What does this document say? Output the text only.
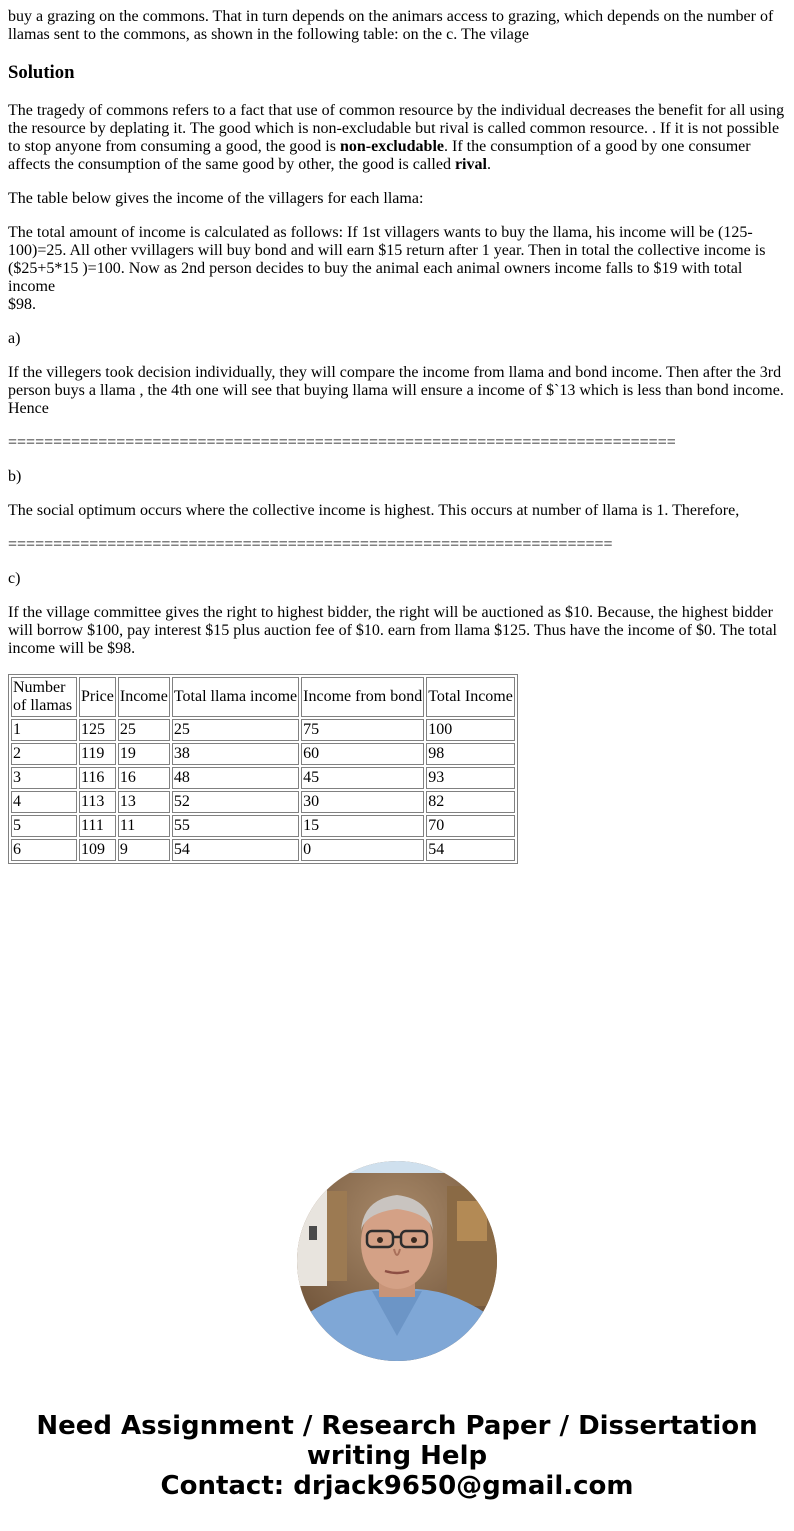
buy a grazing on the commons. That in turn depends on the animars access to grazing, which depends on the number of llamas sent to the commons, as shown in the following table: on the c. The vilage

Solution

The tragedy of commons refers to a fact that use of common resource by the individual decreases the benefit for all using the resource by deplating it. The good which is non-excludable but rival is called common resource. . If it is not possible to stop anyone from consuming a good, the good is non-excludable. If the consumption of a good by one consumer affects the consumption of the same good by other, the good is called rival.

The table below gives the income of the villagers for each llama:

The total amount of income is calculated as follows: If 1st villagers wants to buy the llama, his income will be (125-100)=25. All other vvillagers will buy bond and will earn $15 return after 1 year. Then in total the collective income is ($25+5*15 )=100. Now as 2nd person decides to buy the animal each animal owners income falls to $19 with total income
$98.

a)

If the villegers took decision individually, they will compare the income from llama and bond income. Then after the 3rd person buys a llama , the 4th one will see that buying llama will ensure a income of $`13 which is less than bond income. Hence

==========================================================================

b)

The social optimum occurs where the collective income is highest. This occurs at number of llama is 1. Therefore,

===================================================================

c)

If the village committee gives the right to highest bidder, the right will be auctioned as $10. Because, the highest bidder will borrow $100, pay interest $15 plus auction fee of $10. earn from llama $125. Thus have the income of $0. The total income will be $98.

Number of llamas	Price	Income	Total llama income	Income from bond	Total Income
1	125	25	25	75	100
2	119	19	38	60	98
3	116	16	48	45	93
4	113	13	52	30	82
5	111	11	55	15	70
6	109	9	54	0	54
Need Assignment / Research Paper / Dissertation writing Help
Contact: drjack9650@gmail.com
